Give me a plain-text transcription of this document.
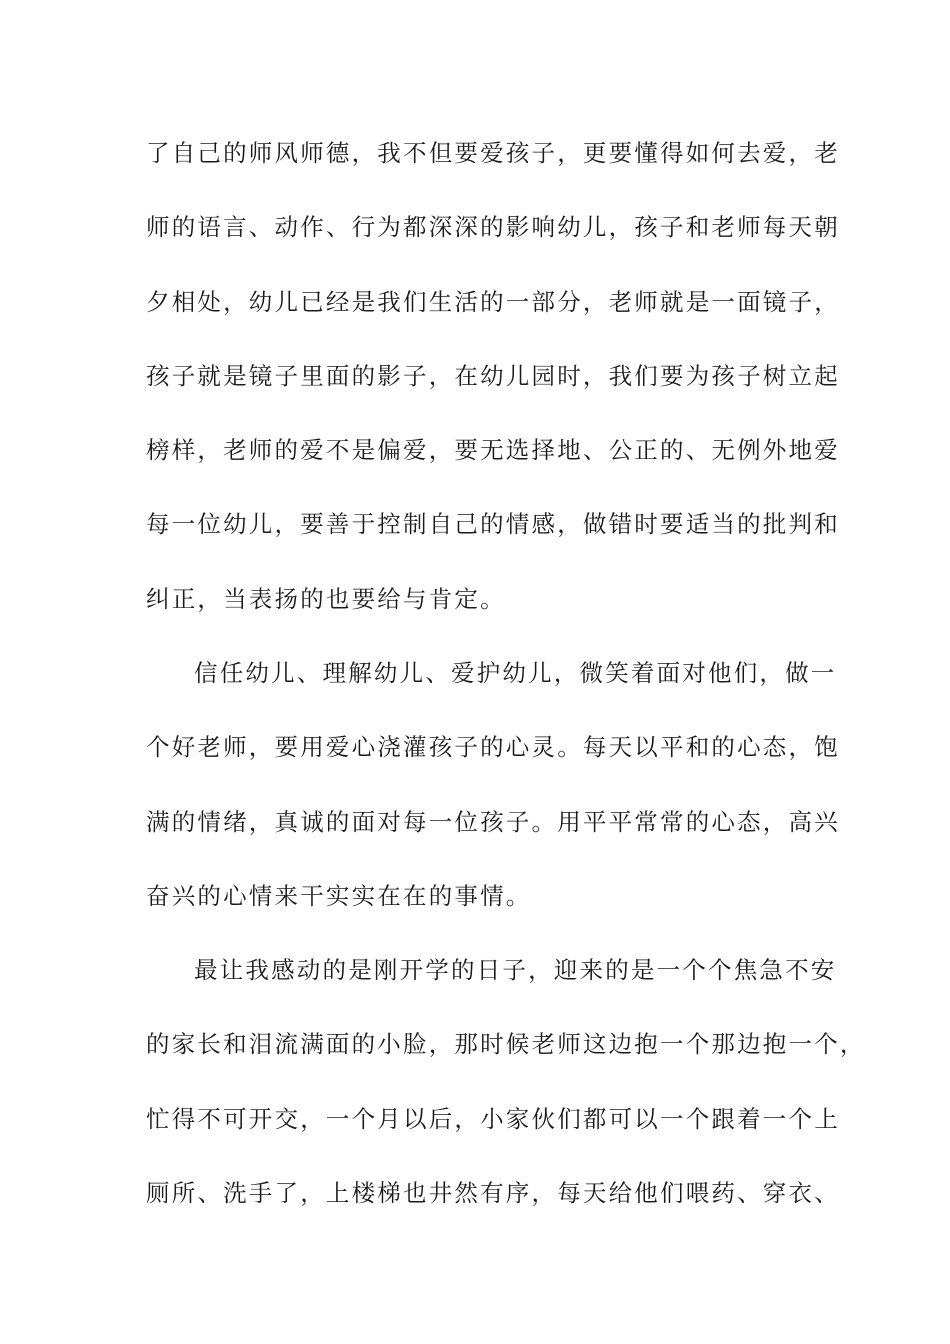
了自己的师风师德，我不但要爱孩子，更要懂得如何去爱，老
师的语言、动作、行为都深深的影响幼儿，孩子和老师每天朝
夕相处，幼儿已经是我们生活的一部分，老师就是一面镜子，
孩子就是镜子里面的影子，在幼儿园时，我们要为孩子树立起
榜样，老师的爱不是偏爱，要无选择地、公正的、无例外地爱
每一位幼儿，要善于控制自己的情感，做错时要适当的批判和
纠正，当表扬的也要给与肯定。
信任幼儿、理解幼儿、爱护幼儿，微笑着面对他们，做一
个好老师，要用爱心浇灌孩子的心灵。每天以平和的心态，饱
满的情绪，真诚的面对每一位孩子。用平平常常的心态，高兴
奋兴的心情来干实实在在的事情。
最让我感动的是刚开学的日子，迎来的是一个个焦急不安
的家长和泪流满面的小脸，那时候老师这边抱一个那边抱一个，
忙得不可开交，一个月以后，小家伙们都可以一个跟着一个上
厕所、洗手了，上楼梯也井然有序，每天给他们喂药、穿衣、
